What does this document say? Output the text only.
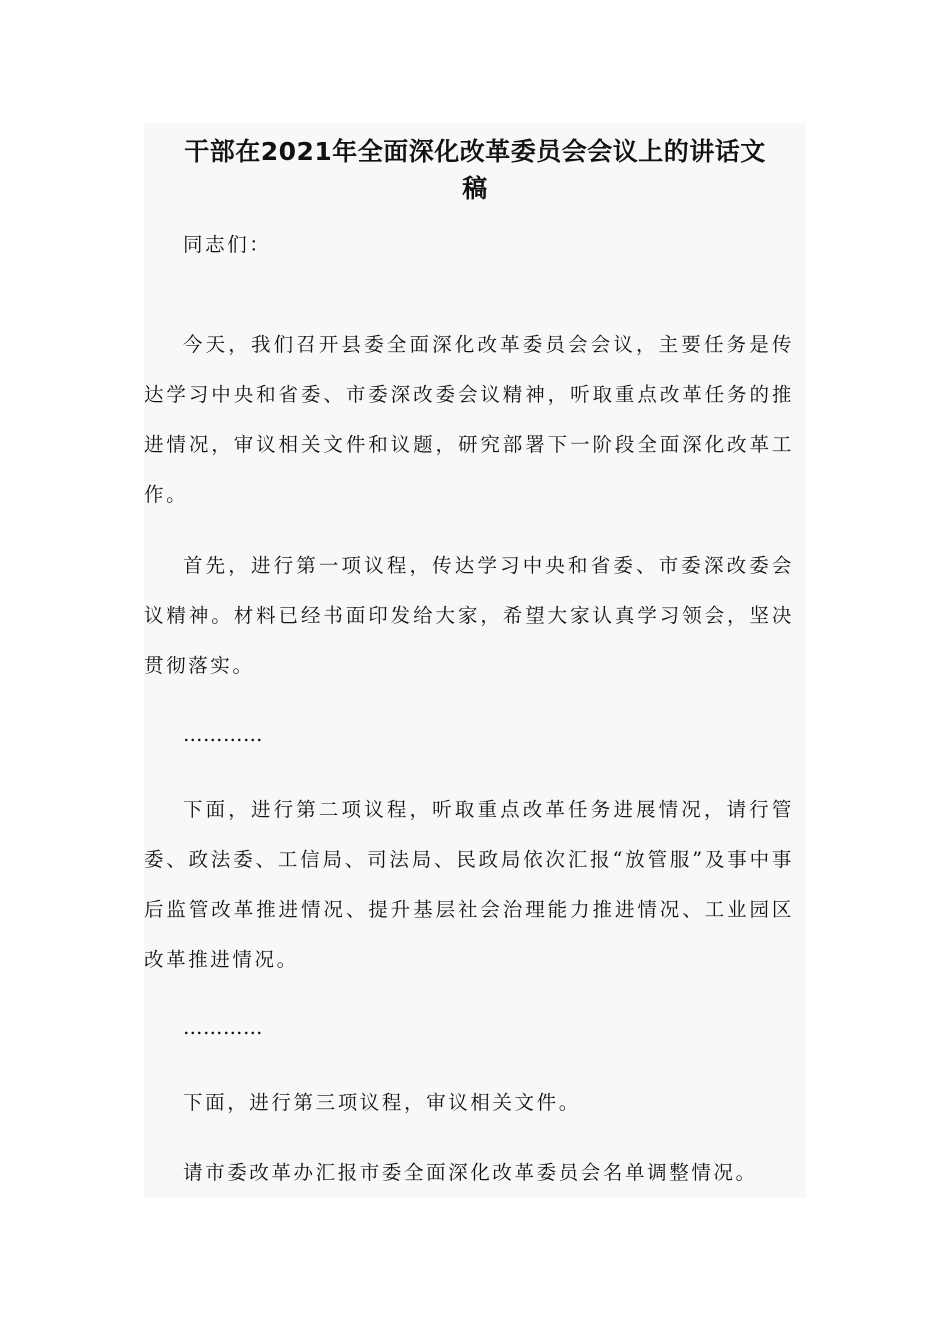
干部在2021年全面深化改革委员会会议上的讲话文
稿

同志们：

今天，我们召开县委全面深化改革委员会会议，主要任务是传达学习中央和省委、市委深改委会议精神，听取重点改革任务的推进情况，审议相关文件和议题，研究部署下一阶段全面深化改革工作。

首先，进行第一项议程，传达学习中央和省委、市委深改委会议精神。材料已经书面印发给大家，希望大家认真学习领会，坚决贯彻落实。

…………

下面，进行第二项议程，听取重点改革任务进展情况，请行管委、政法委、工信局、司法局、民政局依次汇报“放管服”及事中事后监管改革推进情况、提升基层社会治理能力推进情况、工业园区改革推进情况。

…………

下面，进行第三项议程，审议相关文件。

请市委改革办汇报市委全面深化改革委员会名单调整情况。
